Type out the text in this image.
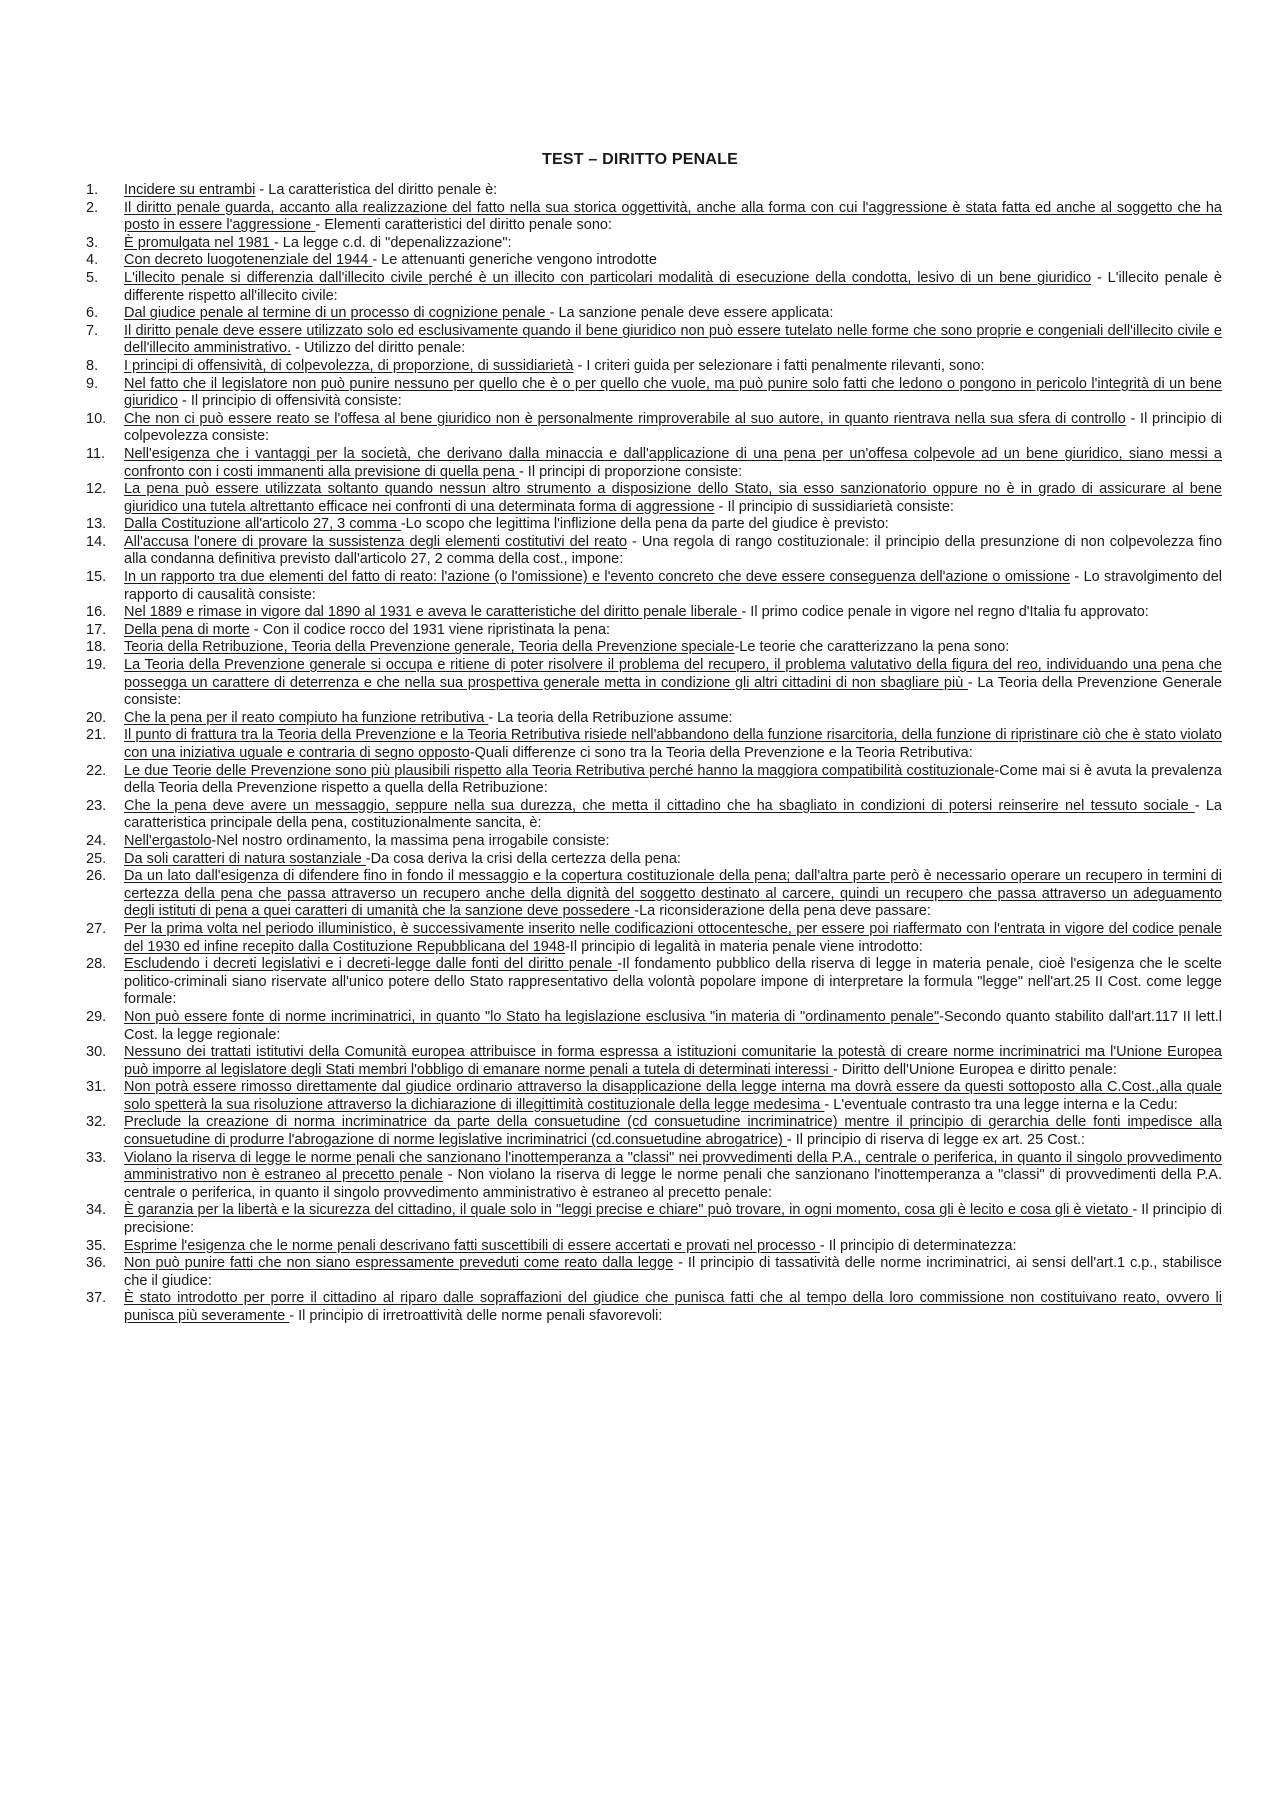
TEST – DIRITTO PENALE
1.	Incidere su entrambi - La caratteristica del diritto penale è:
2.	Il diritto penale guarda, accanto alla realizzazione del fatto nella sua storica oggettività, anche alla forma con cui l'aggressione è stata fatta ed anche al soggetto che ha posto in essere l'aggressione - Elementi caratteristici del diritto penale sono:
3.	È promulgata nel 1981 - La legge c.d. di "depenalizzazione":
4.	Con decreto luogotenenziale del 1944 - Le attenuanti generiche vengono introdotte
5.	L'illecito penale si differenzia dall'illecito civile perché è un illecito con particolari modalità di esecuzione della condotta, lesivo di un bene giuridico - L'illecito penale è differente rispetto all'illecito civile:
6.	Dal giudice penale al termine di un processo di cognizione penale - La sanzione penale deve essere applicata:
7.	Il diritto penale deve essere utilizzato solo ed esclusivamente quando il bene giuridico non può essere tutelato nelle forme che sono proprie e congeniali dell'illecito civile e dell'illecito amministrativo. - Utilizzo del diritto penale:
8.	I principi di offensività, di colpevolezza, di proporzione, di sussidiarietà - I criteri guida per selezionare i fatti penalmente rilevanti, sono:
9.	Nel fatto che il legislatore non può punire nessuno per quello che è o per quello che vuole, ma può punire solo fatti che ledono o pongono in pericolo l'integrità di un bene giuridico - Il principio di offensività consiste:
10.	Che non ci può essere reato se l'offesa al bene giuridico non è personalmente rimproverabile al suo autore, in quanto rientrava nella sua sfera di controllo - Il principio di colpevolezza consiste:
11.	Nell'esigenza che i vantaggi per la società, che derivano dalla minaccia e dall'applicazione di una pena per un'offesa colpevole ad un bene giuridico, siano messi a confronto con i costi immanenti alla previsione di quella pena - Il principi di proporzione consiste:
12.	La pena può essere utilizzata soltanto quando nessun altro strumento a disposizione dello Stato, sia esso sanzionatorio oppure no è in grado di assicurare al bene giuridico una tutela altrettanto efficace nei confronti di una determinata forma di aggressione - Il principio di sussidiarietà consiste:
13.	Dalla Costituzione all'articolo 27, 3 comma -Lo scopo che legittima l'inflizione della pena da parte del giudice è previsto:
14.	All'accusa l'onere di provare la sussistenza degli elementi costitutivi del reato - Una regola di rango costituzionale: il principio della presunzione di non colpevolezza fino alla condanna definitiva previsto dall'articolo 27, 2 comma della cost., impone:
15.	In un rapporto tra due elementi del fatto di reato: l'azione (o l'omissione) e l'evento concreto che deve essere conseguenza dell'azione o omissione - Lo stravolgimento del rapporto di causalità consiste:
16.	Nel 1889 e rimase in vigore dal 1890 al 1931 e aveva le caratteristiche del diritto penale liberale - Il primo codice penale in vigore nel regno d'Italia fu approvato:
17.	Della pena di morte - Con il codice rocco del 1931 viene ripristinata la pena:
18.	Teoria della Retribuzione, Teoria della Prevenzione generale, Teoria della Prevenzione speciale-Le teorie che caratterizzano la pena sono:
19.	La Teoria della Prevenzione generale si occupa e ritiene di poter risolvere il problema del recupero, il problema valutativo della figura del reo, individuando una pena che possegga un carattere di deterrenza e che nella sua prospettiva generale metta in condizione gli altri cittadini di non sbagliare più - La Teoria della Prevenzione Generale consiste:
20.	Che la pena per il reato compiuto ha funzione retributiva - La teoria della Retribuzione assume:
21.	Il punto di frattura tra la Teoria della Prevenzione e la Teoria Retributiva risiede nell'abbandono della funzione risarcitoria, della funzione di ripristinare ciò che è stato violato con una iniziativa uguale e contraria di segno opposto-Quali differenze ci sono tra la Teoria della Prevenzione e la Teoria Retributiva:
22.	Le due Teorie delle Prevenzione sono più plausibili rispetto alla Teoria Retributiva perché hanno la maggiora compatibilità costituzionale-Come mai si è avuta la prevalenza della Teoria della Prevenzione rispetto a quella della Retribuzione:
23.	Che la pena deve avere un messaggio, seppure nella sua durezza, che metta il cittadino che ha sbagliato in condizioni di potersi reinserire nel tessuto sociale - La caratteristica principale della pena, costituzionalmente sancita, è:
24.	Nell'ergastolo-Nel nostro ordinamento, la massima pena irrogabile consiste:
25.	Da soli caratteri di natura sostanziale -Da cosa deriva la crisi della certezza della pena:
26.	Da un lato dall'esigenza di difendere fino in fondo il messaggio e la copertura costituzionale della pena; dall'altra parte però è necessario operare un recupero in termini di certezza della pena che passa attraverso un recupero anche della dignità del soggetto destinato al carcere, quindi un recupero che passa attraverso un adeguamento degli istituti di pena a quei caratteri di umanità che la sanzione deve possedere -La riconsiderazione della pena deve passare:
27.	Per la prima volta nel periodo illuministico, è successivamente inserito nelle codificazioni ottocentesche, per essere poi riaffermato con l'entrata in vigore del codice penale del 1930 ed infine recepito dalla Costituzione Repubblicana del 1948-Il principio di legalità in materia penale viene introdotto:
28.	Escludendo i decreti legislativi e i decreti-legge dalle fonti del diritto penale -Il fondamento pubblico della riserva di legge in materia penale, cioè l'esigenza che le scelte politico-criminali siano riservate all'unico potere dello Stato rappresentativo della volontà popolare impone di interpretare la formula "legge" nell'art.25 II Cost. come legge formale:
29.	Non può essere fonte di norme incriminatrici, in quanto "lo Stato ha legislazione esclusiva "in materia di "ordinamento penale"-Secondo quanto stabilito dall'art.117 II lett.l Cost. la legge regionale:
30.	Nessuno dei trattati istitutivi della Comunità europea attribuisce in forma espressa a istituzioni comunitarie la potestà di creare norme incriminatrici ma l'Unione Europea può imporre al legislatore degli Stati membri l'obbligo di emanare norme penali a tutela di determinati interessi - Diritto dell'Unione Europea e diritto penale:
31.	Non potrà essere rimosso direttamente dal giudice ordinario attraverso la disapplicazione della legge interna ma dovrà essere da questi sottoposto alla C.Cost.,alla quale solo spetterà la sua risoluzione attraverso la dichiarazione di illegittimità costituzionale della legge medesima - L'eventuale contrasto tra una legge interna e la Cedu:
32.	Preclude la creazione di norma incriminatrice da parte della consuetudine (cd consuetudine incriminatrice) mentre il principio di gerarchia delle fonti impedisce alla consuetudine di produrre l'abrogazione di norme legislative incriminatrici (cd.consuetudine abrogatrice) - Il principio di riserva di legge ex art. 25 Cost.:
33.	Violano la riserva di legge le norme penali che sanzionano l'inottemperanza a "classi" nei provvedimenti della P.A., centrale o periferica, in quanto il singolo provvedimento amministrativo non è estraneo al precetto penale - Non violano la riserva di legge le norme penali che sanzionano l'inottemperanza a "classi" di provvedimenti della P.A. centrale o periferica, in quanto il singolo provvedimento amministrativo è estraneo al precetto penale:
34.	È garanzia per la libertà e la sicurezza del cittadino, il quale solo in "leggi precise e chiare" può trovare, in ogni momento, cosa gli è lecito e cosa gli è vietato - Il principio di precisione:
35.	Esprime l'esigenza che le norme penali descrivano fatti suscettibili di essere accertati e provati nel processo - Il principio di determinatezza:
36.	Non può punire fatti che non siano espressamente preveduti come reato dalla legge - Il principio di tassatività delle norme incriminatrici, ai sensi dell'art.1 c.p., stabilisce che il giudice:
37.	È stato introdotto per porre il cittadino al riparo dalle sopraffazioni del giudice che punisca fatti che al tempo della loro commissione non costituivano reato, ovvero li punisca più severamente - Il principio di irretroattività delle norme penali sfavorevoli:
